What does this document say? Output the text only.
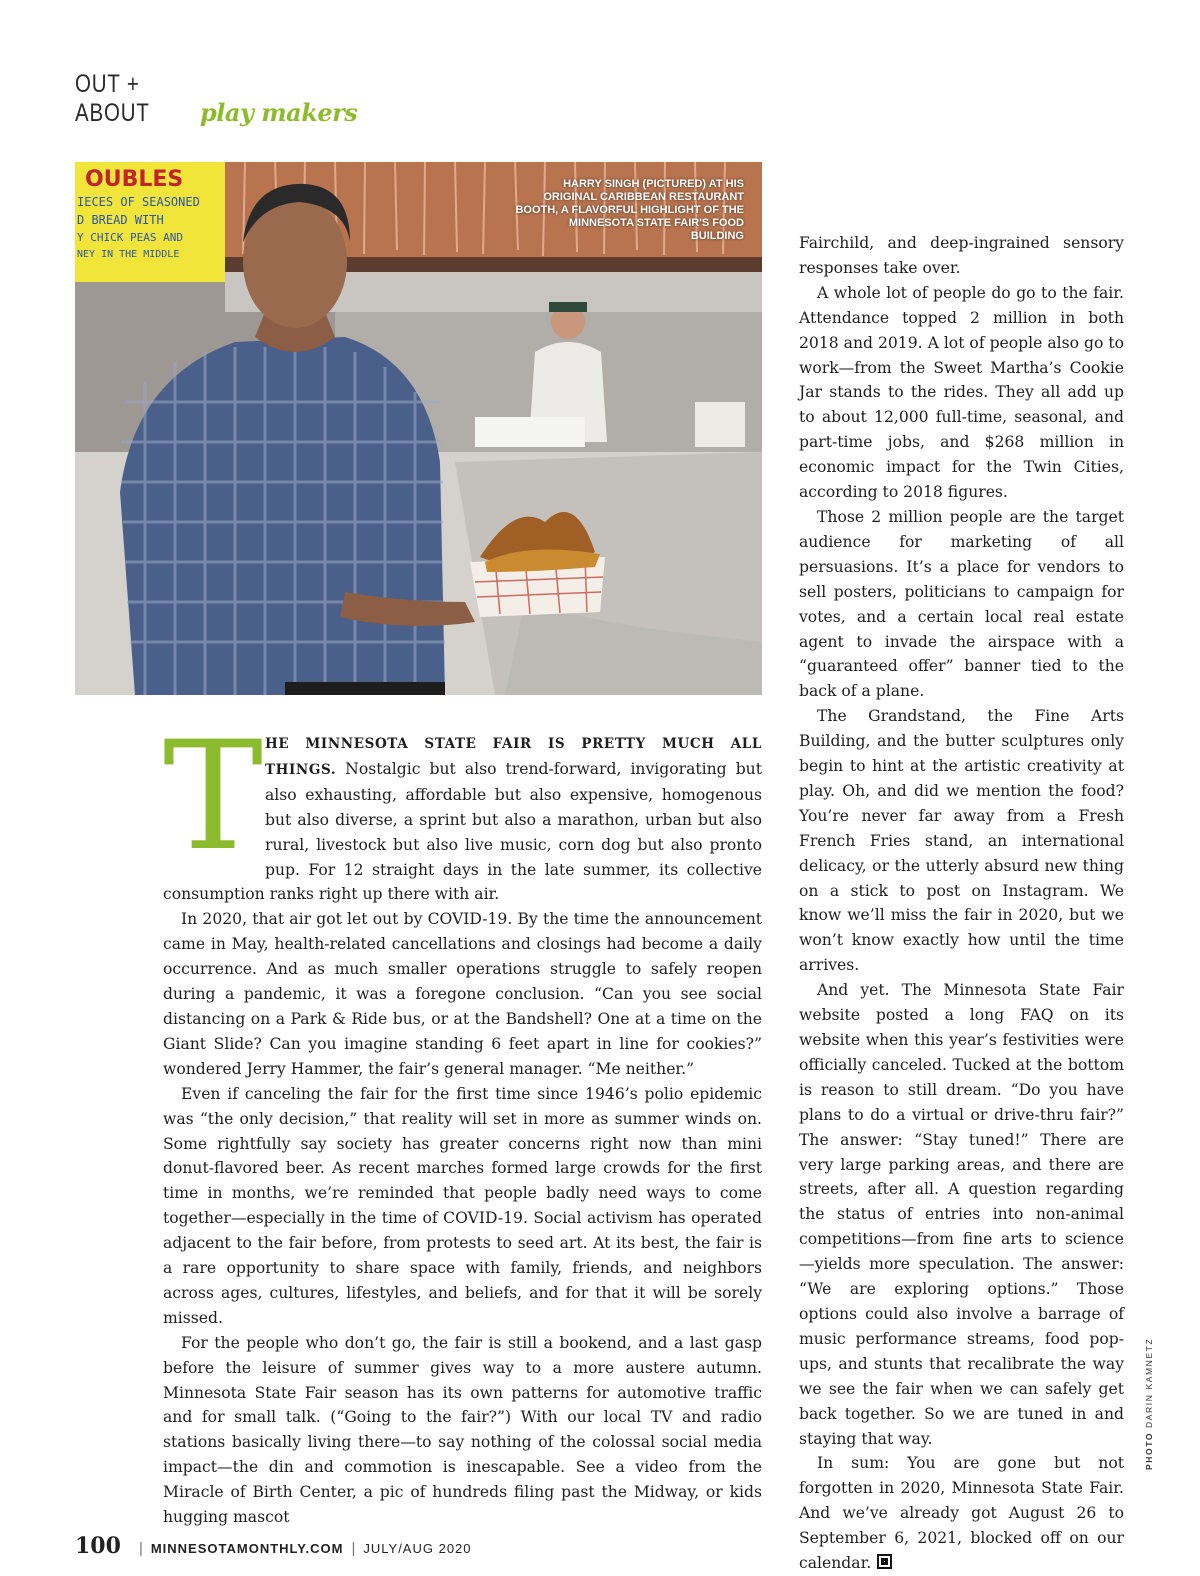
OUT + ABOUT	play makers
OUBLES
IECES OF SEASONED
D BREAD WITH
Y CHICK PEAS AND
NEY IN THE MIDDLE
HARRY SINGH (PICTURED) AT HIS ORIGINAL CARIBBEAN RESTAURANT BOOTH, A FLAVORFUL HIGHLIGHT OF THE MINNESOTA STATE FAIR'S FOOD BUILDING

THE MINNESOTA STATE FAIR IS PRETTY MUCH ALL THINGS. Nostalgic but also trend-forward, invigorating but also exhausting, affordable but also expensive, homogenous but also diverse, a sprint but also a marathon, urban but also rural, livestock but also live music, corn dog but also pronto pup. For 12 straight days in the late summer, its collective consumption ranks right up there with air.

In 2020, that air got let out by COVID-19. By the time the announcement came in May, health-related cancellations and closings had become a daily occurrence. And as much smaller operations struggle to safely reopen during a pandemic, it was a foregone conclusion. “Can you see social distancing on a Park & Ride bus, or at the Bandshell? One at a time on the Giant Slide? Can you imagine standing 6 feet apart in line for cookies?” wondered Jerry Hammer, the fair’s general manager. “Me neither.”

Even if canceling the fair for the first time since 1946’s polio epidemic was “the only decision,” that reality will set in more as summer winds on. Some rightfully say society has greater concerns right now than mini donut-flavored beer. As recent marches formed large crowds for the first time in months, we’re reminded that people badly need ways to come together—especially in the time of COVID-19. Social activism has operated adjacent to the fair before, from protests to seed art. At its best, the fair is a rare opportunity to share space with family, friends, and neighbors across ages, cultures, lifestyles, and beliefs, and for that it will be sorely missed.

For the people who don’t go, the fair is still a bookend, and a last gasp before the leisure of summer gives way to a more austere autumn. Minnesota State Fair season has its own patterns for automotive traffic and for small talk. (“Going to the fair?”) With our local TV and radio stations basically living there—to say nothing of the colossal social media impact—the din and commotion is inescapable. See a video from the Miracle of Birth Center, a pic of hundreds filing past the Midway, or kids hugging mascot

Fairchild, and deep-ingrained sensory responses take over.

A whole lot of people do go to the fair. Attendance topped 2 million in both 2018 and 2019. A lot of people also go to work—from the Sweet Martha’s Cookie Jar stands to the rides. They all add up to about 12,000 full-time, seasonal, and part-time jobs, and $268 million in economic impact for the Twin Cities, according to 2018 figures.

Those 2 million people are the target audience for marketing of all persuasions. It’s a place for vendors to sell posters, politicians to campaign for votes, and a certain local real estate agent to invade the airspace with a “guaranteed offer” banner tied to the back of a plane.

The Grandstand, the Fine Arts Building, and the butter sculptures only begin to hint at the artistic creativity at play. Oh, and did we mention the food? You’re never far away from a Fresh French Fries stand, an international delicacy, or the utterly absurd new thing on a stick to post on Instagram. We know we’ll miss the fair in 2020, but we won’t know exactly how until the time arrives.

And yet. The Minnesota State Fair website posted a long FAQ on its website when this year’s festivities were officially canceled. Tucked at the bottom is reason to still dream. “Do you have plans to do a virtual or drive-thru fair?” The answer: “Stay tuned!” There are very large parking areas, and there are streets, after all. A question regarding the status of entries into non-animal competitions—from fine arts to science—yields more speculation. The answer: “We are exploring options.” Those options could also involve a barrage of music performance streams, food pop-ups, and stunts that recalibrate the way we see the fair when we can safely get back together. So we are tuned in and staying that way.

In sum: You are gone but not forgotten in 2020, Minnesota State Fair. And we’ve already got August 26 to September 6, 2021, blocked off on our calendar.

PHOTO DARIN KAMNETZ
100 | MINNESOTAMONTHLY.COM | JULY/AUG 2020
